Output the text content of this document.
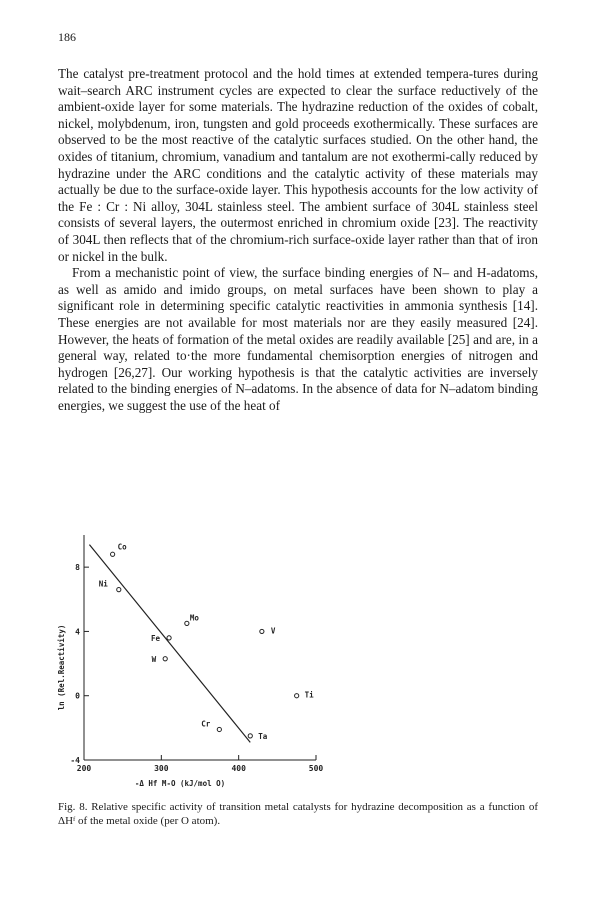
186

The catalyst pre-treatment protocol and the hold times at extended tempera-tures during wait–search ARC instrument cycles are expected to clear the surface reductively of the ambient-oxide layer for some materials. The hydrazine reduction of the oxides of cobalt, nickel, molybdenum, iron, tungsten and gold proceeds exothermically. These surfaces are observed to be the most reactive of the catalytic surfaces studied. On the other hand, the oxides of titanium, chromium, vanadium and tantalum are not exothermi-cally reduced by hydrazine under the ARC conditions and the catalytic activity of these materials may actually be due to the surface-oxide layer. This hypothesis accounts for the low activity of the Fe : Cr : Ni alloy, 304L stainless steel. The ambient surface of 304L stainless steel consists of several layers, the outermost enriched in chromium oxide [23]. The reactivity of 304L then reflects that of the chromium-rich surface-oxide layer rather than that of iron or nickel in the bulk.

From a mechanistic point of view, the surface binding energies of N– and H-adatoms, as well as amido and imido groups, on metal surfaces have been shown to play a significant role in determining specific catalytic reactivities in ammonia synthesis [14]. These energies are not available for most materials nor are they easily measured [24]. However, the heats of formation of the metal oxides are readily available [25] and are, in a general way, related to·the more fundamental chemisorption energies of nitrogen and hydrogen [26,27]. Our working hypothesis is that the catalytic activities are inversely related to the binding energies of N–adatoms. In the absence of data for N–adatom binding energies, we suggest the use of the heat of

200	300	400	500
-4
0
4
8
Co
Ni
Mo
V
Fe
W
Ti
Cr
Ta
-Δ Hf M-O (kJ/mol O)
ln (Rel.Reactivity)

Fig. 8. Relative specific activity of transition metal catalysts for hydrazine decomposition as a function of ΔHᶠ of the metal oxide (per O atom).
